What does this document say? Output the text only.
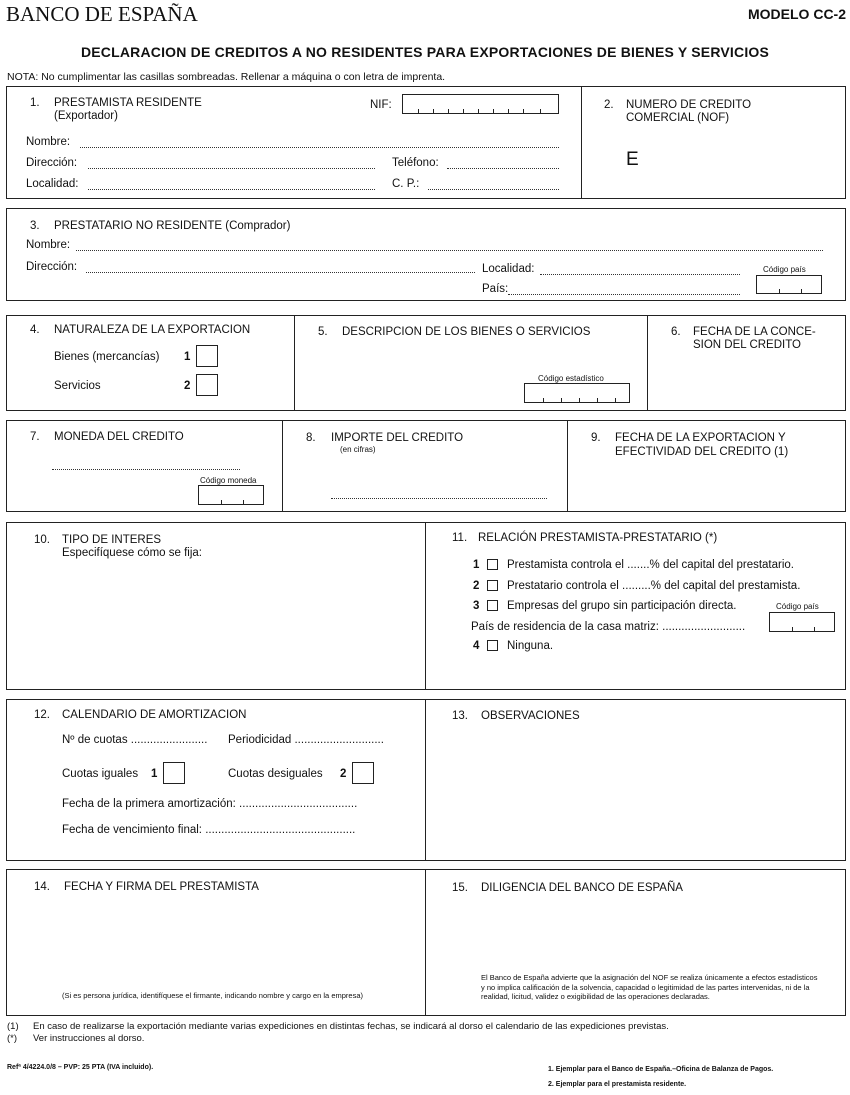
BANCO DE ESPAÑA	MODELO CC-2
DECLARACION DE CREDITOS A NO RESIDENTES PARA EXPORTACIONES DE BIENES Y SERVICIOS
NOTA: No cumplimentar las casillas sombreadas. Rellenar a máquina o con letra de imprenta.
1. PRESTAMISTA RESIDENTE
(Exportador)
NIF:
Nombre:
Dirección:	Teléfono:
Localidad:	C. P.:
2. NUMERO DE CREDITO
COMERCIAL (NOF)
E
3. PRESTATARIO NO RESIDENTE (Comprador)
Nombre:
Dirección:	Localidad:
País:
Código país
4. NATURALEZA DE LA EXPORTACION
Bienes (mercancías) 1
Servicios	2
5. DESCRIPCION DE LOS BIENES O SERVICIOS
Código estadístico
6. FECHA DE LA CONCE-
SION DEL CREDITO
7. MONEDA DEL CREDITO
Código moneda
8. IMPORTE DEL CREDITO
(en cifras)
9. FECHA DE LA EXPORTACION Y
EFECTIVIDAD DEL CREDITO (1)
10. TIPO DE INTERES
Especifíquese cómo se fija:
11. RELACIÓN PRESTAMISTA-PRESTATARIO (*)
1 Prestamista controla el .......% del capital del prestatario.
2 Prestatario controla el .........% del capital del prestamista.
3 Empresas del grupo sin participación directa.	Código país
País de residencia de la casa matriz: ..........................
4 Ninguna.
12. CALENDARIO DE AMORTIZACION
Nº de cuotas ........................ Periodicidad ............................
Cuotas iguales 1	Cuotas desiguales 2
Fecha de la primera amortización: .....................................
Fecha de vencimiento final: ...............................................
13. OBSERVACIONES
14. FECHA Y FIRMA DEL PRESTAMISTA
(Si es persona jurídica, identifíquese el firmante, indicando nombre y cargo en la empresa)
15. DILIGENCIA DEL BANCO DE ESPAÑA
El Banco de España advierte que la asignación del NOF se realiza únicamente a efectos estadísticos y no implica calificación de la solvencia, capacidad o legitimidad de las partes intervenidas, ni de la realidad, licitud, validez o exigibilidad de las operaciones declaradas.
(1) En caso de realizarse la exportación mediante varias expediciones en distintas fechas, se indicará al dorso el calendario de las expediciones previstas.
(*) Ver instrucciones al dorso.
Refª 4/4224.0/8 – PVP: 25 PTA (IVA incluido).	1. Ejemplar para el Banco de España.–Oficina de Balanza de Pagos.
2. Ejemplar para el prestamista residente.
